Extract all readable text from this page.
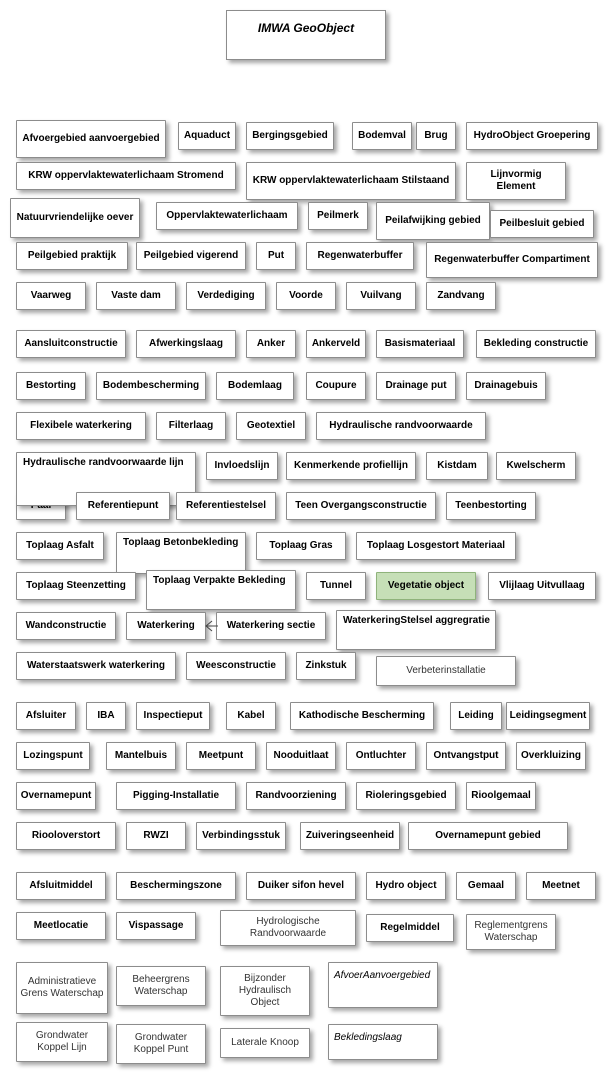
IMWA GeoObject
Afvoergebied aanvoergebied	Aquaduct	Bergingsgebied	Bodemval	Brug	HydroObject Groepering
KRW oppervlaktewaterlichaam Stromend	KRW oppervlaktewaterlichaam Stilstaand
Lijnvormig Element
Natuurvriendelijke oever	Oppervlaktewaterlichaam	Peilmerk	Peilafwijking gebied	Peilbesluit gebied
Peilgebied praktijk	Peilgebied vigerend	Put	Regenwaterbuffer	Regenwaterbuffer Compartiment
Vaarweg	Vaste dam	Verdediging	Voorde	Vuilvang	Zandvang
Aansluitconstructie	Afwerkingslaag	Anker	Ankerveld	Basismateriaal	Bekleding constructie
Bestorting	Bodembescherming	Bodemlaag	Coupure	Drainage put	Drainagebuis
Flexibele waterkering	Filterlaag	Geotextiel	Hydraulische randvoorwaarde
Hydraulische randvoorwaarde lijn	Invloedslijn	Kenmerkende profiellijn	Kistdam	Kwelscherm
Referentiepunt	Referentiestelsel	Teen Overgangsconstructie	Teenbestorting
Toplaag Asfalt	Toplaag Betonbekleding	Toplaag Gras	Toplaag Losgestort Materiaal
Toplaag Steenzetting	Toplaag Verpakte Bekleding	Tunnel	Vegetatie object	Vlijlaag Uitvullaag
Wandconstructie	Waterkering	Waterkering sectie	WaterkeringStelsel aggregratie
Waterstaatswerk waterkering	Weesconstructie	Zinkstuk	Verbeterinstallatie
Afsluiter	IBA	Inspectieput	Kabel	Kathodische Bescherming	Leiding	Leidingsegment
Lozingspunt	Mantelbuis	Meetpunt	Nooduitlaat	Ontluchter	Ontvangstput	Overkluizing
Overnamepunt	Pigging-Installatie	Randvoorziening	Rioleringsgebied	Rioolgemaal
Riooloverstort	RWZI	Verbindingsstuk	Zuiveringseenheid	Overnamepunt gebied
Afsluitmiddel	Beschermingszone	Duiker sifon hevel	Hydro object	Gemaal	Meetnet
Meetlocatie	Vispassage	Hydrologische Randvoorwaarde
Regelmiddel	Reglementgrens Waterschap
Administratieve Grens Waterschap
Beheergrens Waterschap
Bijzonder Hydraulisch Object
AfvoerAanvoergebied
Grondwater Koppel Lijn
Grondwater Koppel Punt
Laterale Knoop	Bekledingslaag
